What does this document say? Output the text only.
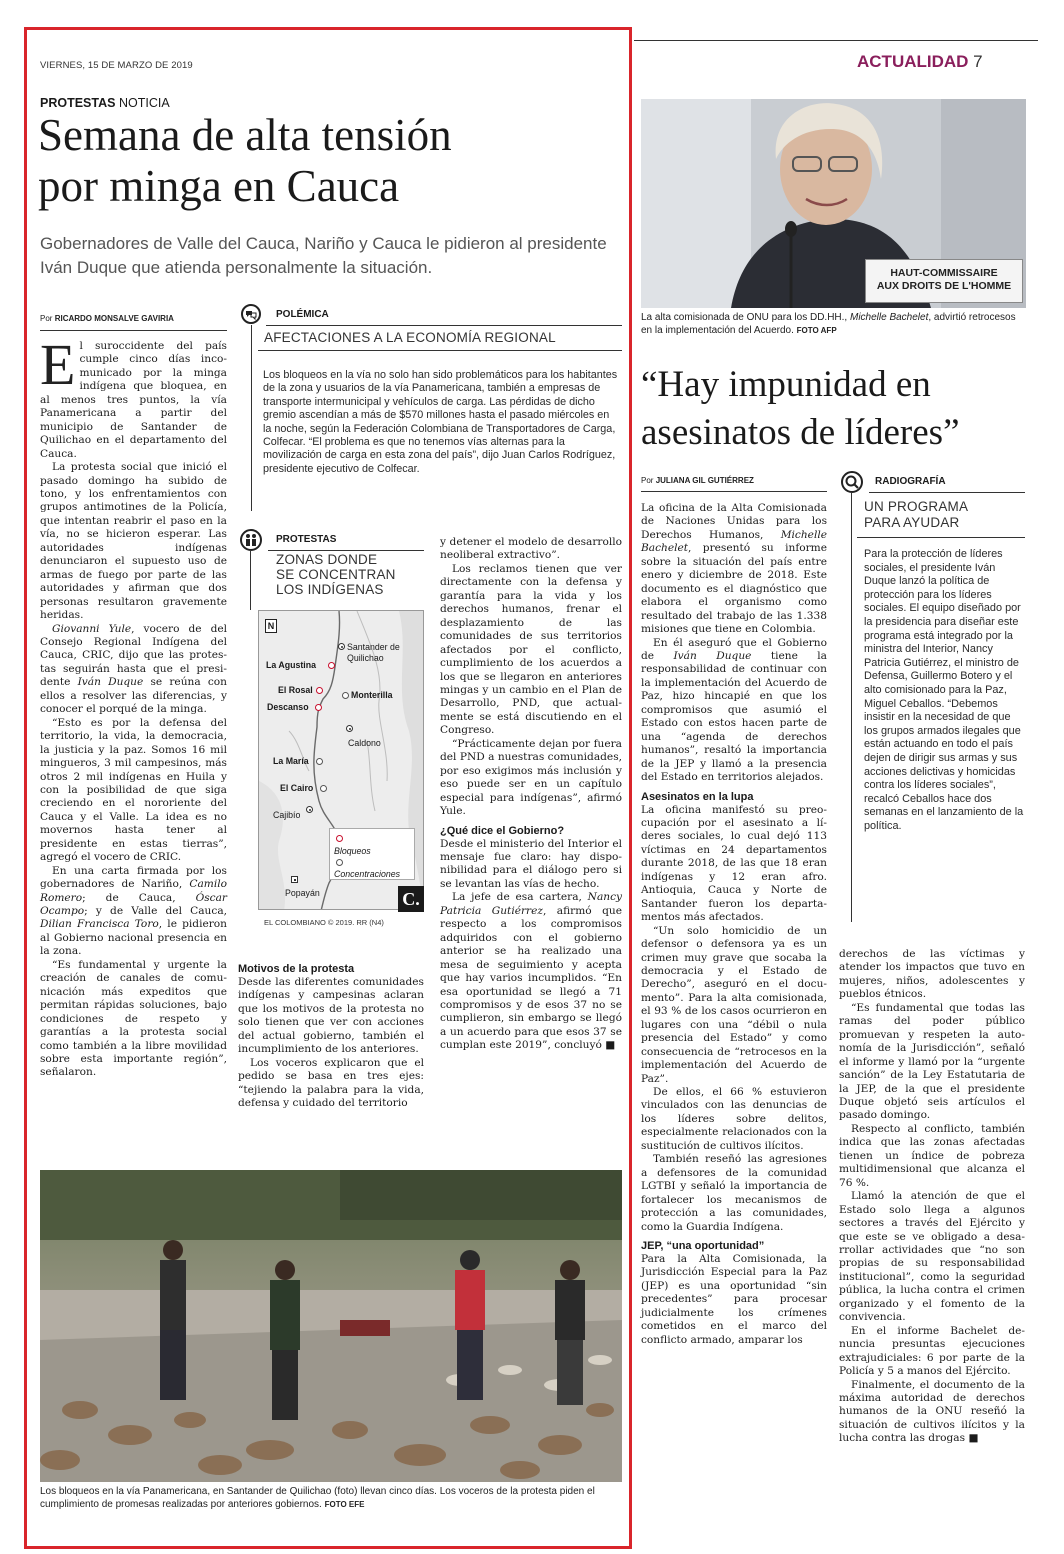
VIERNES, 15 DE MARZO DE 2019	ACTUALIDAD 7
PROTESTAS NOTICIA
Semana de alta tensión
por minga en Cauca
Gobernadores de Valle del Cauca, Nariño y Cauca le pidieron al presidente Iván Duque que atienda personalmente la situación.
Por RICARDO MONSALVE GAVIRIA

El suroccidente del país cumple cinco días incomunicado por la minga indígena que bloquea, en al menos tres puntos, la vía Panamericana a partir del municipio de Santander de Quilichao en el departamento del Cauca.

La protesta social que inició el pasado domingo ha subido de tono, y los enfrentamientos con grupos antimotines de la Policía, que intentan reabrir el paso en la vía, no se hicieron esperar. Las autoridades indígenas denunciaron el supuesto uso de armas de fuego por parte de las autoridades y afirman que dos personas resultaron gravemente heridas.

Giovanni Yule, vocero de del Consejo Regional Indígena del Cauca, CRIC, dijo que las protestas seguirán hasta que el presidente Iván Duque se reúna con ellos a resolver las diferencias, y conocer el porqué de la minga.

“Esto es por la defensa del territorio, la vida, la democracia, la justicia y la paz. Somos 16 mil mingueros, 3 mil campesinos, más otros 2 mil indígenas en Huila y con la posibilidad de que siga creciendo en el nororiente del Cauca y el Valle. La idea es no movernos hasta tener al presidente en estas tierras”, agregó el vocero de CRIC.

En una carta firmada por los gobernadores de Nariño, Camilo Romero; de Cauca, Óscar Ocampo; y de Valle del Cauca, Dilian Francisca Toro, le pidieron al Gobierno nacional presencia en la zona.

“Es fundamental y urgente la creación de canales de comunicación más expeditos que permitan rápidas soluciones, bajo condiciones de respeto y garantías a la protesta social como también a la libre movilidad sobre esta importante región”, señalaron.

POLÉMICA
AFECTACIONES A LA ECONOMÍA REGIONAL
Los bloqueos en la vía no solo han sido problemáticos para los habitantes de la zona y usuarios de la vía Panamericana, también a empresas de transporte intermunicipal y vehículos de carga. Las pérdidas de dicho gremio ascendían a más de $570 millones hasta el pasado miércoles en la noche, según la Federación Colombiana de Transportadores de Carga, Colfecar. “El problema es que no tenemos vías alternas para la movilización de carga en esta zona del país”, dijo Juan Carlos Rodríguez, presidente ejecutivo de Colfecar.
PROTESTAS
ZONAS DONDE
SE CONCENTRAN
LOS INDÍGENAS
N
La Agustina
Santander de Quilichao
El Rosal	Monterilla
Descanso
Caldono
La María
El Cairo
Cajibío
Popayán
Bloqueos
Concentraciones
C.
EL COLOMBIANO © 2019. RR (N4)
Motivos de la protesta

Desde las diferentes comunidades indígenas y campesinas aclaran que los motivos de la protesta no solo tienen que ver con acciones del actual gobierno, también el incumplimiento de los anteriores.

Los voceros explicaron que el pedido se basa en tres ejes: “tejiendo la palabra para la vida, defensa y cuidado del territorio

y detener el modelo de desarrollo neoliberal extractivo”.

Los reclamos tienen que ver directamente con la defensa y garantía para la vida y los derechos humanos, frenar el desplazamiento de las comunidades de sus territorios afectados por el conflicto, cumplimiento de los acuerdos a los que se llegaron en anteriores mingas y un cambio en el Plan de Desarrollo, PND, que actualmente se está discutiendo en el Congreso.

“Prácticamente dejan por fuera del PND a nuestras comunidades, por eso exigimos más inclusión y eso puede ser en un capítulo especial para indígenas”, afirmó Yule.

¿Qué dice el Gobierno?

Desde el ministerio del Interior el mensaje fue claro: hay disponibilidad para el diálogo pero si se levantan las vías de hecho.

La jefe de esa cartera, Nancy Patricia Gutiérrez, afirmó que respecto a los compromisos adquiridos con el gobierno anterior se ha realizado una mesa de seguimiento y acepta que hay varios incumplidos. “En esa oportunidad se llegó a 71 compromisos y de esos 37 no se cumplieron, sin embargo se llegó a un acuerdo para que esos 37 se cumplan este 2019”, concluyó ■

Los bloqueos en la vía Panamericana, en Santander de Quilichao (foto) llevan cinco días. Los voceros de la protesta piden el cumplimiento de promesas realizadas por anteriores gobiernos. FOTO EFE
HAUT-COMMISSAIRE
AUX DROITS DE L'HOMME
La alta comisionada de ONU para los DD.HH., Michelle Bachelet, advirtió retrocesos en la implementación del Acuerdo. FOTO AFP
“Hay impunidad en
asesinatos de líderes”
Por JULIANA GIL GUTIÉRREZ

La oficina de la Alta Comisionada de Naciones Unidas para los Derechos Humanos, Michelle Bachelet, presentó su informe sobre la situación del país entre enero y diciembre de 2018. Este documento es el diagnóstico que elabora el organismo como resultado del trabajo de las 1.338 misiones que tiene en Colombia.

En él aseguró que el Gobierno de Iván Duque tiene la responsabilidad de continuar con la implementación del Acuerdo de Paz, hizo hincapié en que los compromisos que asumió el Estado con estos hacen parte de una “agenda de derechos humanos”, resaltó la importancia de la JEP y llamó a la presencia del Estado en territorios alejados.

Asesinatos en la lupa

La oficina manifestó su preocupación por el asesinato a líderes sociales, lo cual dejó 113 víctimas en 24 departamentos durante 2018, de las que 18 eran indígenas y 12 eran afro. Antioquia, Cauca y Norte de Santander fueron los departamentos más afectados.

“Un solo homicidio de un defensor o defensora ya es un crimen muy grave que socaba la democracia y el Estado de Derecho”, aseguró en el documento”. Para la alta comisionada, el 93 % de los casos ocurrieron en lugares con una “débil o nula presencia del Estado” y como consecuencia de “retrocesos en la implementación del Acuerdo de Paz”.

De ellos, el 66 % estuvieron vinculados con las denuncias de los líderes sobre delitos, especialmente relacionados con la sustitución de cultivos ilícitos.

También reseñó las agresiones a defensores de la comunidad LGTBI y señaló la importancia de fortalecer los mecanismos de protección a las comunidades, como la Guardia Indígena.

JEP, “una oportunidad”

Para la Alta Comisionada, la Jurisdicción Especial para la Paz (JEP) es una oportunidad “sin precedentes” para procesar judicialmente los crímenes cometidos en el marco del conflicto armado, amparar los

RADIOGRAFÍA
UN PROGRAMA
PARA AYUDAR
Para la protección de líderes sociales, el presidente Iván Duque lanzó la política de protección para los líderes sociales. El equipo diseñado por la presidencia para diseñar este programa está integrado por la ministra del Interior, Nancy Patricia Gutiérrez, el ministro de Defensa, Guillermo Botero y el alto comisionado para la Paz, Miguel Ceballos. “Debemos insistir en la necesidad de que los grupos armados ilegales que están actuando en todo el país dejen de dirigir sus armas y sus acciones delictivas y homicidas contra los líderes sociales”, recalcó Ceballos hace dos semanas en el lanzamiento de la política.

derechos de las víctimas y atender los impactos que tuvo en mujeres, niños, adolescentes y pueblos étnicos.

“Es fundamental que todas las ramas del poder público promuevan y respeten la autonomía de la Jurisdicción”, señaló el informe y llamó por la “urgente sanción” de la Ley Estatutaria de la JEP, de la que el presidente Duque objetó seis artículos el pasado domingo.

Respecto al conflicto, también indica que las zonas afectadas tienen un índice de pobreza multidimensional que alcanza el 76 %.

Llamó la atención de que el Estado solo llega a algunos sectores a través del Ejército y que este se ve obligado a desarrollar actividades que “no son propias de su responsabilidad institucional”, como la seguridad pública, la lucha contra el crimen organizado y el fomento de la convivencia.

En el informe Bachelet denuncia presuntas ejecuciones extrajudiciales: 6 por parte de la Policía y 5 a manos del Ejército.

Finalmente, el documento de la máxima autoridad de derechos humanos de la ONU reseñó la situación de cultivos ilícitos y la lucha contra las drogas ■
